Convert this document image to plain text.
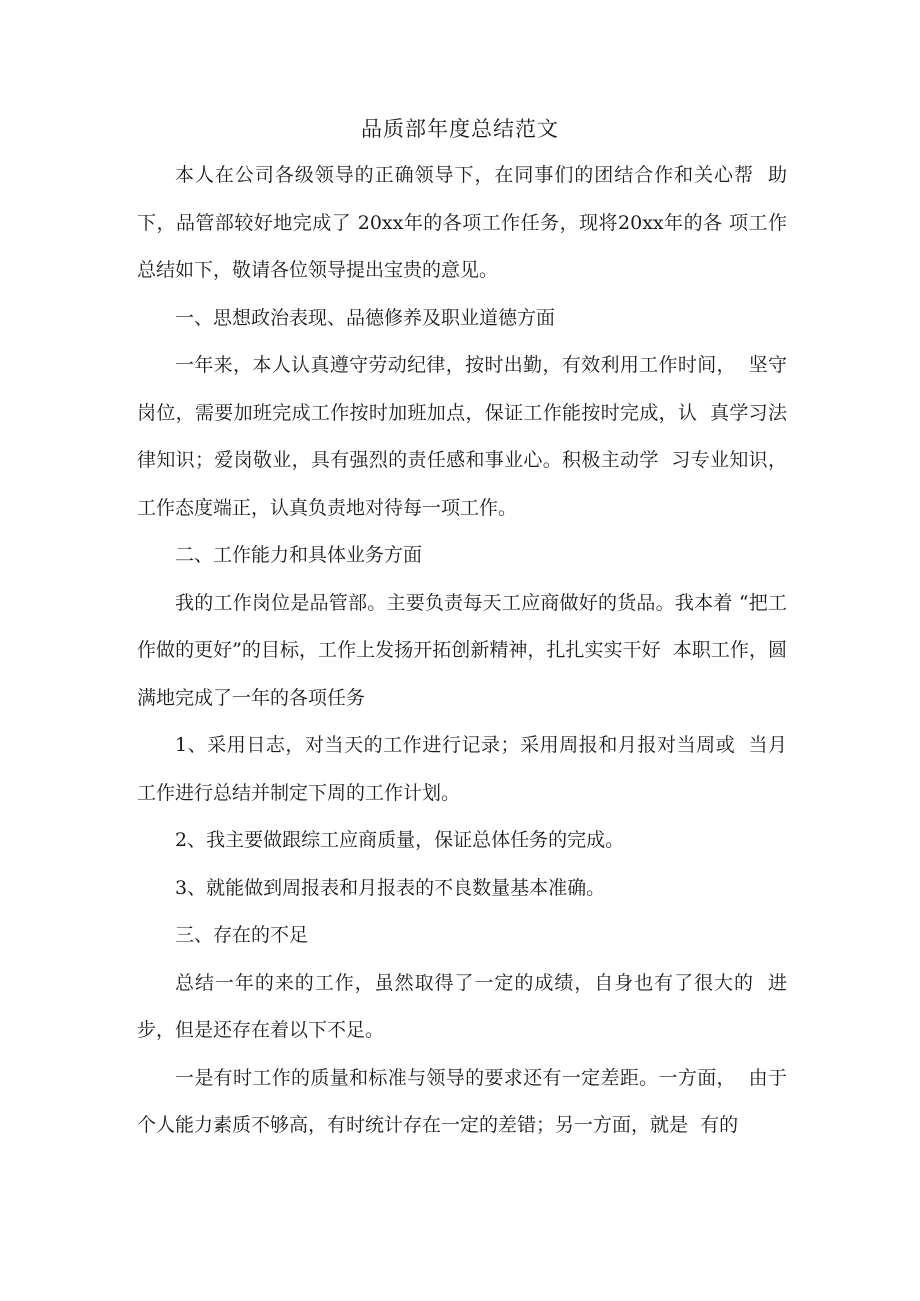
品质部年度总结范文

本人在公司各级领导的正确领导下，在同事们的团结合作和关心帮  助下，品管部较好地完成了 20xx年的各项工作任务，现将20xx年的各 项工作总结如下，敬请各位领导提出宝贵的意见。

一、思想政治表现、品德修养及职业道德方面

一年来，本人认真遵守劳动纪律，按时出勤，有效利用工作时间，  坚守岗位，需要加班完成工作按时加班加点，保证工作能按时完成，认  真学习法律知识；爱岗敬业，具有强烈的责任感和事业心。积极主动学  习专业知识，工作态度端正，认真负责地对待每一项工作。

二、工作能力和具体业务方面

我的工作岗位是品管部。主要负责每天工应商做好的货品。我本着 “把工作做的更好”的目标，工作上发扬开拓创新精神，扎扎实实干好  本职工作，圆满地完成了一年的各项任务

1、采用日志，对当天的工作进行记录；采用周报和月报对当周或  当月工作进行总结并制定下周的工作计划。

2、我主要做跟综工应商质量，保证总体任务的完成。

3、就能做到周报表和月报表的不良数量基本准确。

三、存在的不足

总结一年的来的工作，虽然取得了一定的成绩，自身也有了很大的  进步，但是还存在着以下不足。

一是有时工作的质量和标准与领导的要求还有一定差距。一方面，  由于个人能力素质不够高，有时统计存在一定的差错；另一方面，就是  有的
